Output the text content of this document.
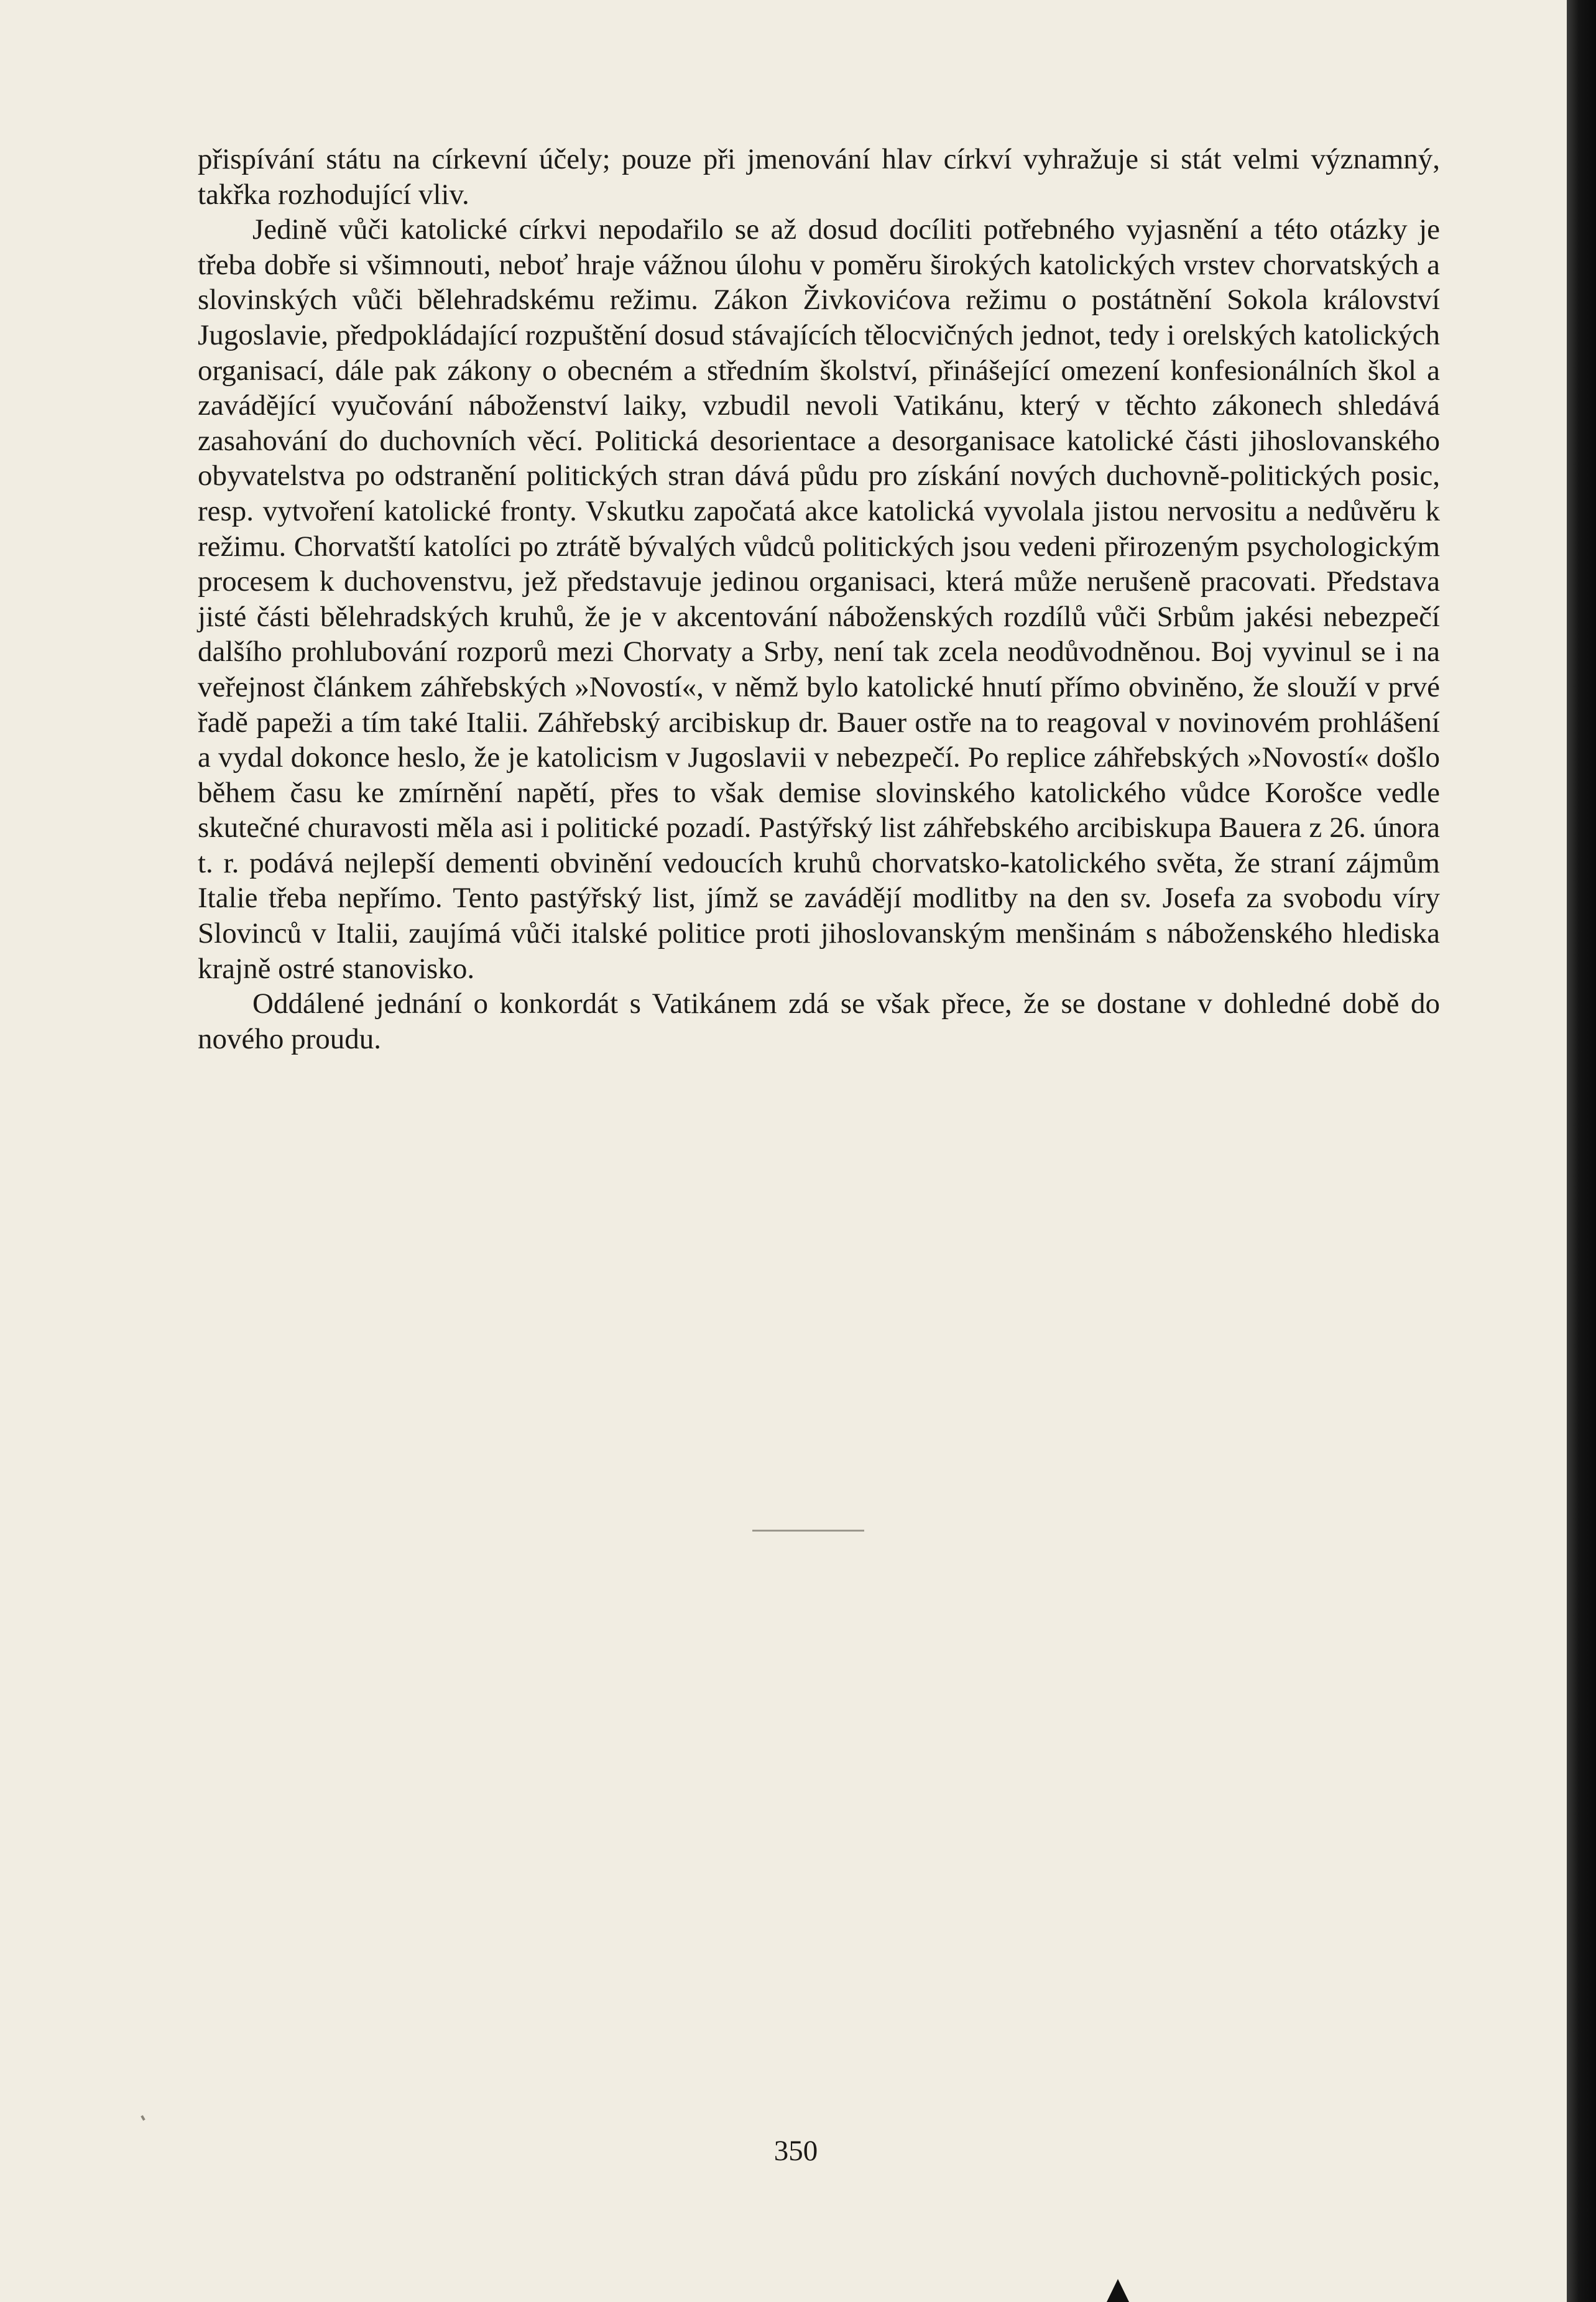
přispívání státu na církevní účely; pouze při jmenování hlav církví vyhražuje si stát velmi významný, takřka rozhodující vliv.

Jedině vůči katolické církvi nepodařilo se až dosud docíliti potřebného vyjasnění a této otázky je třeba dobře si všimnouti, neboť hraje vážnou úlohu v poměru širokých katolických vrstev chorvatských a slovinských vůči bělehradskému režimu. Zákon Živkovićova režimu o postátnění Sokola království Jugoslavie, předpokládající rozpuštění dosud stávajících tělocvičných jednot, tedy i orelských katolických organisací, dále pak zákony o obecném a středním školství, přinášející omezení konfesionálních škol a zavádějící vyučování náboženství laiky, vzbudil nevoli Vatikánu, který v těchto zákonech shledává zasahování do duchovních věcí. Politická desorientace a desorganisace katolické části jihoslovanského obyvatelstva po odstranění politických stran dává půdu pro získání nových duchovně-politických posic, resp. vytvoření katolické fronty. Vskutku započatá akce katolická vyvolala jistou nervositu a nedůvěru k režimu. Chorvatští katolíci po ztrátě bývalých vůdců politických jsou vedeni přirozeným psychologickým procesem k duchovenstvu, jež představuje jedinou organisaci, která může nerušeně pracovati. Představa jisté části bělehradských kruhů, že je v akcentování náboženských rozdílů vůči Srbům jakési nebezpečí dalšího prohlubování rozporů mezi Chorvaty a Srby, není tak zcela neodůvodněnou. Boj vyvinul se i na veřejnost článkem záhřebských »Novostí«, v němž bylo katolické hnutí přímo obviněno, že slouží v prvé řadě papeži a tím také Italii. Záhřebský arcibiskup dr. Bauer ostře na to reagoval v novinovém prohlášení a vydal dokonce heslo, že je katolicism v Jugoslavii v nebezpečí. Po replice záhřebských »Novostí« došlo během času ke zmírnění napětí, přes to však demise slovinského katolického vůdce Korošce vedle skutečné churavosti měla asi i politické pozadí. Pastýřský list záhřebského arcibiskupa Bauera z 26. února t. r. podává nejlepší dementi obvinění vedoucích kruhů chorvatsko-katolického světa, že straní zájmům Italie třeba nepřímo. Tento pastýřský list, jímž se zavádějí modlitby na den sv. Josefa za svobodu víry Slovinců v Italii, zaujímá vůči italské politice proti jihoslovanským menšinám s náboženského hlediska krajně ostré stanovisko.

Oddálené jednání o konkordát s Vatikánem zdá se však přece, že se dostane v dohledné době do nového proudu.

350
